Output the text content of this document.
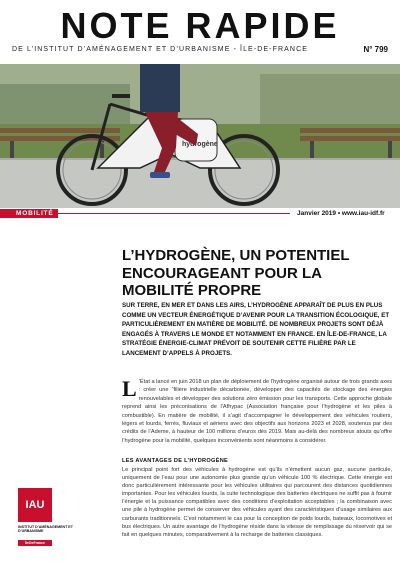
NOTE RAPIDE
DE L’INSTITUT D’AMÉNAGEMENT ET D’URBANISME - ÎLE-DE-FRANCE	N° 799
hydrogène
MOBILITÉ	Janvier 2019 • www.iau-idf.fr
L’HYDROGÈNE, UN POTENTIEL ENCOURAGEANT POUR LA MOBILITÉ PROPRE

SUR TERRE, EN MER ET DANS LES AIRS, L’HYDROGÈNE APPARAÎT DE PLUS EN PLUS COMME UN VECTEUR ÉNERGÉTIQUE D’AVENIR POUR LA TRANSITION ÉCOLOGIQUE, ET PARTICULIÈREMENT EN MATIÈRE DE MOBILITÉ. DE NOMBREUX PROJETS SONT DÉJÀ ENGAGÉS À TRAVERS LE MONDE ET NOTAMMENT EN FRANCE. EN ÎLE-DE-FRANCE, LA STRATÉGIE ÉNERGIE-CLIMAT PRÉVOIT DE SOUTENIR CETTE FILIÈRE PAR LE LANCEMENT D’APPELS À PROJETS.

L ’État a lancé en juin 2018 un plan de déploiement de l’hydrogène organisé autour de trois grands axes : créer une “filière industrielle décarbonée, développer des capacités de stockage des énergies renouvelables et développer des solutions zéro émission pour les transports. Cette approche globale reprend ainsi les préconisations de l’Afhypac (Association française pour l’hydrogène et les piles à combustible). En matière de mobilité, il s’agit d’accompagner le développement des véhicules routiers, légers et lourds, ferrés, fluviaux et aériens avec des objectifs aux horizons 2023 et 2028, soutenus par des crédits de l’Ademe, à hauteur de 100 millions d’euros dès 2019. Mais au-delà des nombreux atouts qu’offre l’hydrogène pour la mobilité, quelques inconvénients sont néanmoins à considérer.
LES AVANTAGES DE L’HYDROGÈNE

Le principal point fort des véhicules à hydrogène est qu’ils n’émettent aucun gaz, aucune particule, uniquement de l’eau pour une autonomie plus grande qu’un véhicule 100 % électrique. Cette énergie est donc particulièrement intéressante pour les véhicules utilitaires qui parcourent des distances quotidiennes importantes. Pour les véhicules lourds, la cuite technologique des batteries électriques ne suffit pas à fournir l’énergie et la puissance compatibles avec des conditions d’exploitation acceptables ; la combinaison avec une pile à hydrogène permet de conserver des véhicules ayant des caractéristiques d’usage similaires aux carburants traditionnels. C’est notamment le cas pour la conception de poids lourds, bateaux, locomotives et bus électriques. Un autre avantage de l’hydrogène réside dans la vitesse de remplissage du réservoir qui se fait en quelques minutes, comparativement à la recharge de batteries classiques.

IAU
INSTITUT D’AMÉNAGEMENT ET D’URBANISME
ÎleDeFrance
